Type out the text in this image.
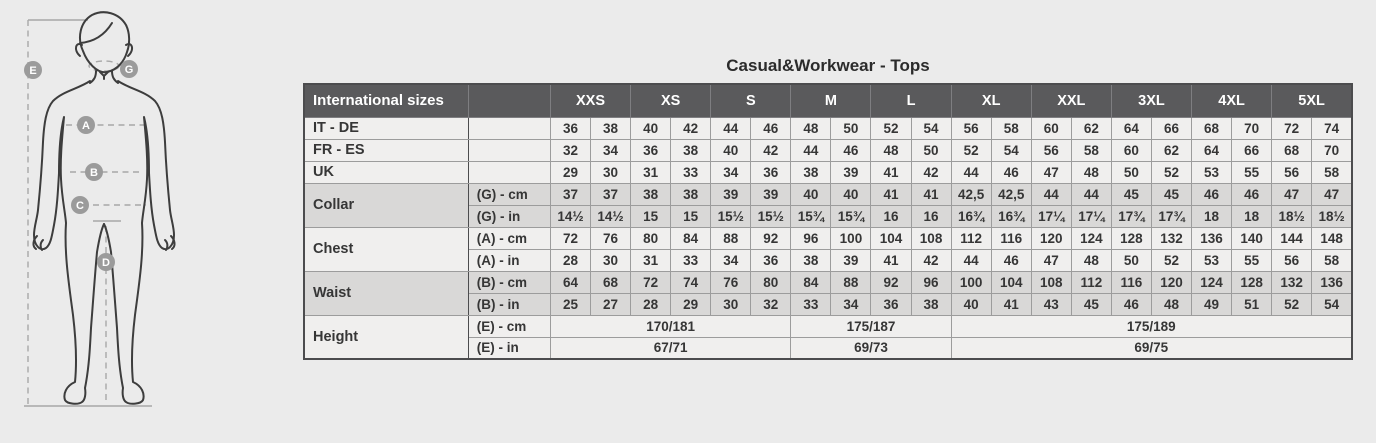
E	G
A
B
C
D
Casual&Workwear - Tops
International sizes		XXS		XS		S		M		L		XL		XXL		3XL		4XL		5XL	
IT - DE		36	38	40	42	44	46	48	50	52	54	56	58	60	62	64	66	68	70	72	74
FR - ES		32	34	36	38	40	42	44	46	48	50	52	54	56	58	60	62	64	66	68	70
UK		29	30	31	33	34	36	38	39	41	42	44	46	47	48	50	52	53	55	56	58
Collar	(G) - cm	37	37	38	38	39	39	40	40	41	41	42,5	42,5	44	44	45	45	46	46	47	47
	(G) - in	14½	14½	15	15	15½	15½	15¾	15¾	16	16	16¾	16¾	17¼	17¼	17¾	17¾	18	18	18½	18½
Chest	(A) - cm	72	76	80	84	88	92	96	100	104	108	112	116	120	124	128	132	136	140	144	148
	(A) - in	28	30	31	33	34	36	38	39	41	42	44	46	47	48	50	52	53	55	56	58
Waist	(B) - cm	64	68	72	74	76	80	84	88	92	96	100	104	108	112	116	120	124	128	132	136
	(B) - in	25	27	28	29	30	32	33	34	36	38	40	41	43	45	46	48	49	51	52	54
Height	(E) - cm	170/181						175/187				175/189									
	(E) - in	67/71						69/73				69/75									
